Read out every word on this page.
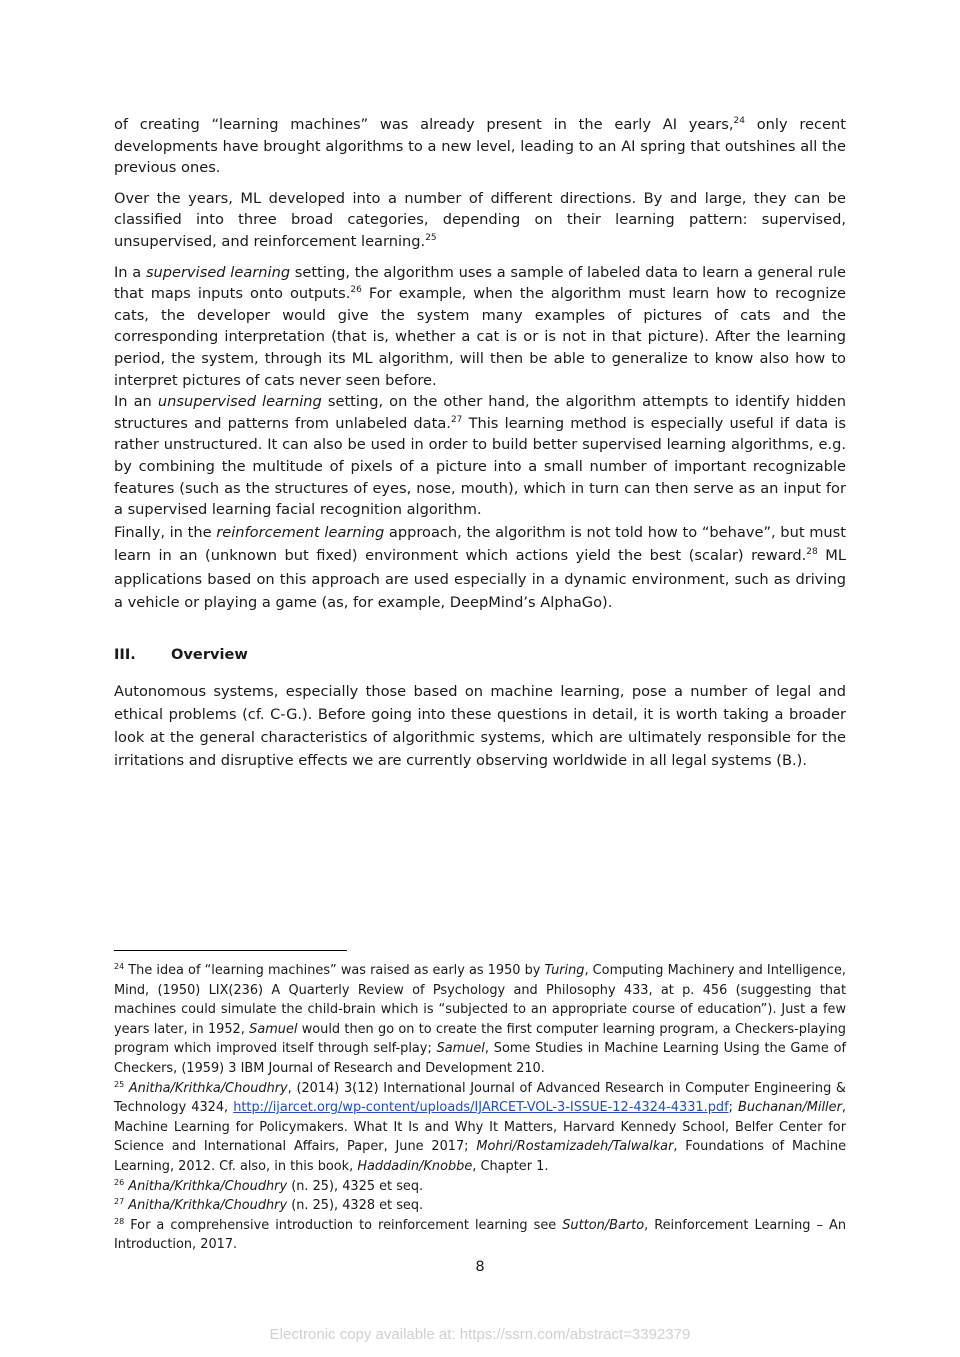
of creating “learning machines” was already present in the early AI years,$^{24}$ only recent developments have brought algorithms to a new level, leading to an AI spring that outshines all the previous ones.

Over the years, ML developed into a number of different directions. By and large, they can be classified into three broad categories, depending on their learning pattern: supervised, unsupervised, and reinforcement learning.$^{25}$

In a supervised learning setting, the algorithm uses a sample of labeled data to learn a general rule that maps inputs onto outputs.$^{26}$ For example, when the algorithm must learn how to recognize cats, the developer would give the system many examples of pictures of cats and the corresponding interpretation (that is, whether a cat is or is not in that picture). After the learning period, the system, through its ML algorithm, will then be able to generalize to know also how to interpret pictures of cats never seen before.

In an unsupervised learning setting, on the other hand, the algorithm attempts to identify hidden structures and patterns from unlabeled data.$^{27}$ This learning method is especially useful if data is rather unstructured. It can also be used in order to build better supervised learning algorithms, e.g. by combining the multitude of pixels of a picture into a small number of important recognizable features (such as the structures of eyes, nose, mouth), which in turn can then serve as an input for a supervised learning facial recognition algorithm.

Finally, in the reinforcement learning approach, the algorithm is not told how to “behave”, but must learn in an (unknown but fixed) environment which actions yield the best (scalar) reward.$^{28}$ ML applications based on this approach are used especially in a dynamic environment, such as driving a vehicle or playing a game (as, for example, DeepMind’s AlphaGo).

III. Overview

Autonomous systems, especially those based on machine learning, pose a number of legal and ethical problems (cf. C-G.). Before going into these questions in detail, it is worth taking a broader look at the general characteristics of algorithmic systems, which are ultimately responsible for the irritations and disruptive effects we are currently observing worldwide in all legal systems (B.).

$^{24}$ The idea of “learning machines” was raised as early as 1950 by Turing, Computing Machinery and Intelligence, Mind, (1950) LIX(236) A Quarterly Review of Psychology and Philosophy 433, at p. 456 (suggesting that machines could simulate the child-brain which is “subjected to an appropriate course of education”). Just a few years later, in 1952, Samuel would then go on to create the first computer learning program, a Checkers-playing program which improved itself through self-play; Samuel, Some Studies in Machine Learning Using the Game of Checkers, (1959) 3 IBM Journal of Research and Development 210.

$^{25}$ Anitha/Krithka/Choudhry, (2014) 3(12) International Journal of Advanced Research in Computer Engineering & Technology 4324, http://ijarcet.org/wp-content/uploads/IJARCET-VOL-3-ISSUE-12-4324-4331.pdf; Buchanan/Miller, Machine Learning for Policymakers. What It Is and Why It Matters, Harvard Kennedy School, Belfer Center for Science and International Affairs, Paper, June 2017; Mohri/Rostamizadeh/Talwalkar, Foundations of Machine Learning, 2012. Cf. also, in this book, Haddadin/Knobbe, Chapter 1.

$^{26}$ Anitha/Krithka/Choudhry (n. 25), 4325 et seq.

$^{27}$ Anitha/Krithka/Choudhry (n. 25), 4328 et seq.

$^{28}$ For a comprehensive introduction to reinforcement learning see Sutton/Barto, Reinforcement Learning – An Introduction, 2017.

8
Electronic copy available at: https://ssrn.com/abstract=3392379
